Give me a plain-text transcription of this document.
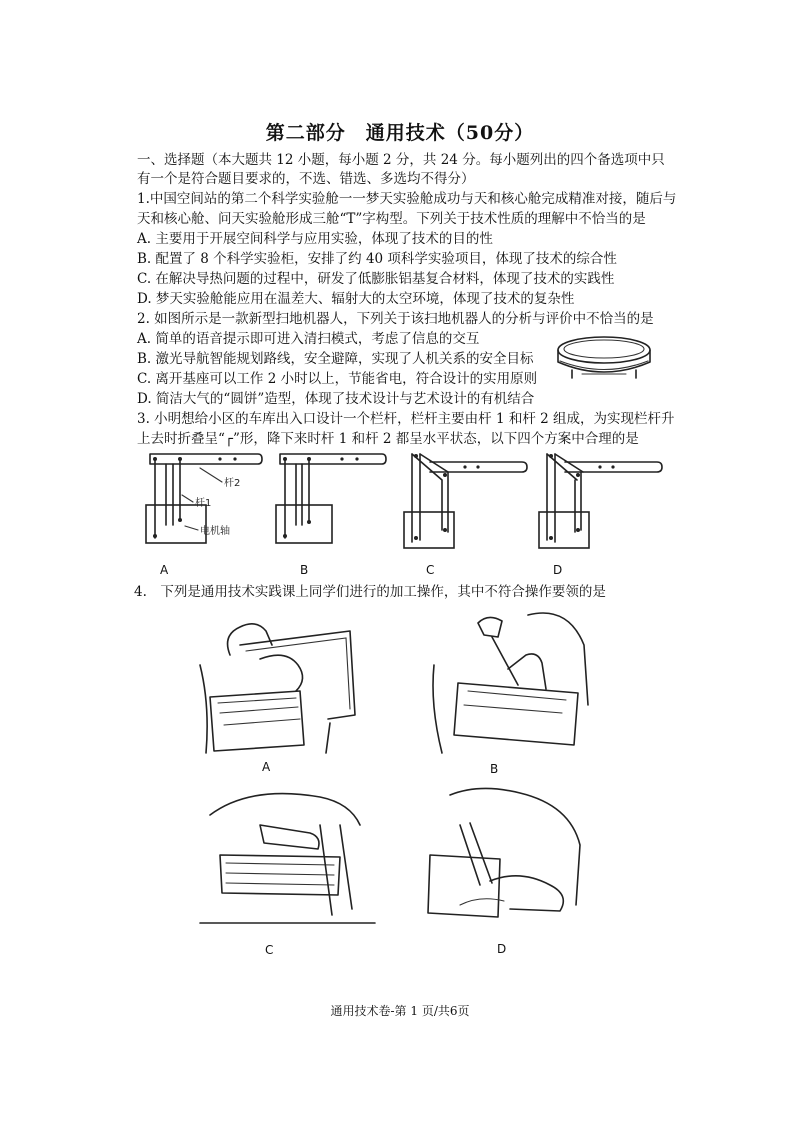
第二部分　通用技术（50分）
一、选择题（本大题共 12 小题，每小题 2 分，共 24 分。每小题列出的四个备选项中只
有一个是符合题目要求的，不选、错选、多选均不得分）
1.中国空间站的第二个科学实验舱一一梦天实验舱成功与天和核心舱完成精准对接，随后与
天和核心舱、问天实验舱形成三舱“T”字构型。下列关于技术性质的理解中不恰当的是
A. 主要用于开展空间科学与应用实验，体现了技术的目的性
B. 配置了 8 个科学实验柜，安排了约 40 项科学实验项目，体现了技术的综合性
C. 在解决导热问题的过程中，研发了低膨胀铝基复合材料，体现了技术的实践性
D. 梦天实验舱能应用在温差大、辐射大的太空环境，体现了技术的复杂性
2. 如图所示是一款新型扫地机器人，下列关于该扫地机器人的分析与评价中不恰当的是
A. 简单的语音提示即可进入清扫模式，考虑了信息的交互
B. 激光导航智能规划路线，安全避障，实现了人机关系的安全目标
C. 离开基座可以工作 2 小时以上，节能省电，符合设计的实用原则
D. 简洁大气的“圆饼”造型，体现了技术设计与艺术设计的有机结合
3. 小明想给小区的车库出入口设计一个栏杆，栏杆主要由杆 1 和杆 2 组成，为实现栏杆升
上去时折叠呈“┌”形，降下来时杆 1 和杆 2 都呈水平状态，以下四个方案中合理的是
杆2
杆1
电机轴
A	B	C	D
4.　下列是通用技术实践课上同学们进行的加工操作，其中不符合操作要领的是
A	B
C	D
通用技术卷-第 1 页/共6页
